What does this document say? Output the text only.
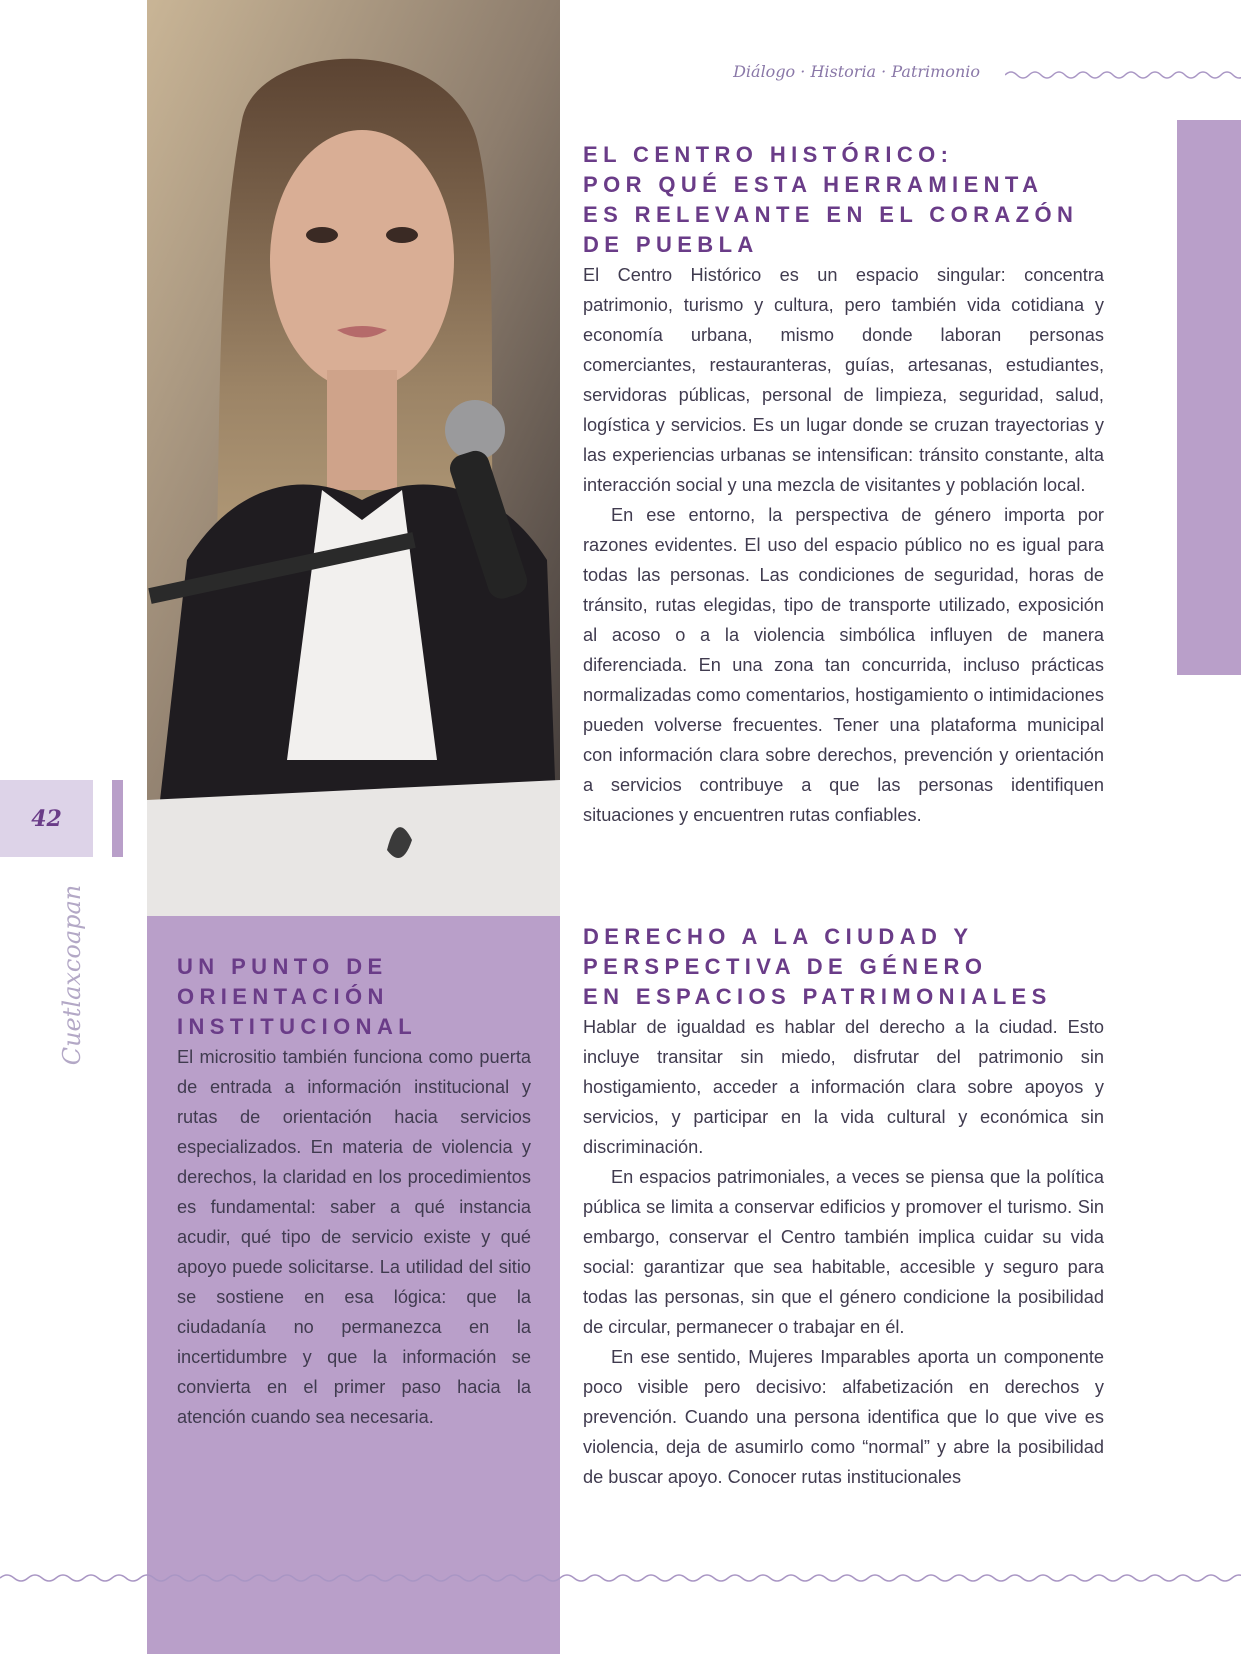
Diálogo · Historia · Patrimonio
42
Cuetlaxcoapan
EL CENTRO HISTÓRICO:
POR QUÉ ESTA HERRAMIENTA
ES RELEVANTE EN EL CORAZÓN
DE PUEBLA

El Centro Histórico es un espacio singular: concentra patrimonio, turismo y cultura, pero también vida cotidiana y economía urbana, mismo donde laboran personas comerciantes, restauranteras, guías, artesanas, estudiantes, servidoras públicas, personal de limpieza, seguridad, salud, logística y servicios. Es un lugar donde se cruzan trayectorias y las experiencias urbanas se intensifican: tránsito constante, alta interacción social y una mezcla de visitantes y población local.

En ese entorno, la perspectiva de género importa por razones evidentes. El uso del espacio público no es igual para todas las personas. Las condiciones de seguridad, horas de tránsito, rutas elegidas, tipo de transporte utilizado, exposición al acoso o a la violencia simbólica influyen de manera diferenciada. En una zona tan concurrida, incluso prácticas normalizadas como comentarios, hostigamiento o intimidaciones pueden volverse frecuentes. Tener una plataforma municipal con información clara sobre derechos, prevención y orientación a servicios contribuye a que las personas identifiquen situaciones y encuentren rutas confiables.

DERECHO A LA CIUDAD Y
PERSPECTIVA DE GÉNERO
EN ESPACIOS PATRIMONIALES

Hablar de igualdad es hablar del derecho a la ciudad. Esto incluye transitar sin miedo, disfrutar del patrimonio sin hostigamiento, acceder a información clara sobre apoyos y servicios, y participar en la vida cultural y económica sin discriminación.

En espacios patrimoniales, a veces se piensa que la política pública se limita a conservar edificios y promover el turismo. Sin embargo, conservar el Centro también implica cuidar su vida social: garantizar que sea habitable, accesible y seguro para todas las personas, sin que el género condicione la posibilidad de circular, permanecer o trabajar en él.

En ese sentido, Mujeres Imparables aporta un componente poco visible pero decisivo: alfabetización en derechos y prevención. Cuando una persona identifica que lo que vive es violencia, deja de asumirlo como “normal” y abre la posibilidad de buscar apoyo. Conocer rutas institucionales

UN PUNTO DE
ORIENTACIÓN
INSTITUCIONAL

El micrositio también funciona como puerta de entrada a información institucional y rutas de orientación hacia servicios especializados. En materia de violencia y derechos, la claridad en los procedimientos es fundamental: saber a qué instancia acudir, qué tipo de servicio existe y qué apoyo puede solicitarse. La utilidad del sitio se sostiene en esa lógica: que la ciudadanía no permanezca en la incertidumbre y que la información se convierta en el primer paso hacia la atención cuando sea necesaria.
